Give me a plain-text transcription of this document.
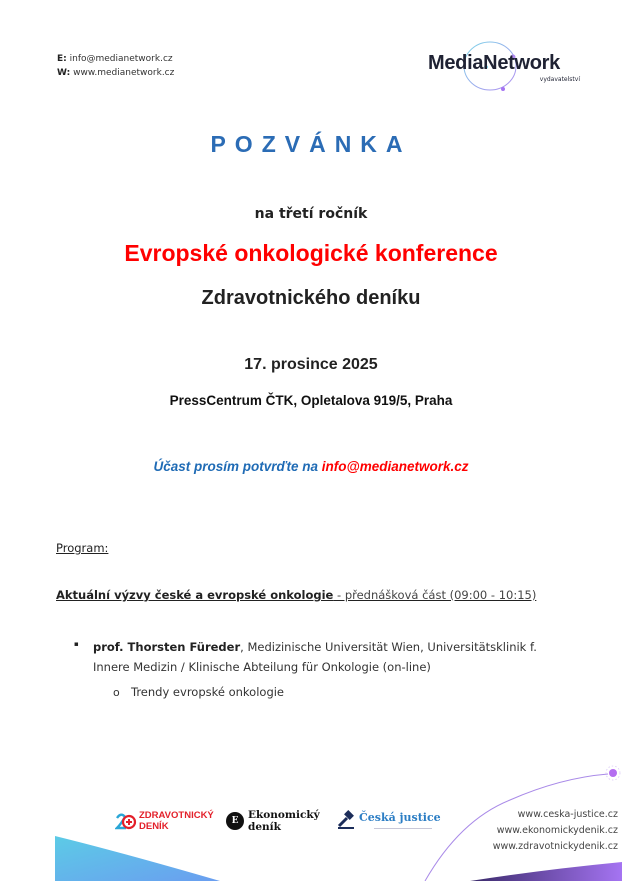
E: info@medianetwork.cz
W: www.medianetwork.cz	MediaNetwork
vydavatelství
POZVÁNKA
na třetí ročník
Evropské onkologické konference
Zdravotnického deníku
17. prosince 2025
PressCentrum ČTK, Opletalova 919/5, Praha
Účast prosím potvrďte na info@medianetwork.cz
Program:
Aktuální výzvy české a evropské onkologie - přednášková část (09:00 - 10:15)
▪ prof. Thorsten Füreder, Medizinische Universität Wien, Universitätsklinik f. Innere Medizin / Klinische Abteilung für Onkologie (on-line)
o Trendy evropské onkologie
ZDRAVOTNICKÝ
DENÍK	E Ekonomický
deník
Česká justice	www.ceska-justice.cz
www.ekonomickydenik.cz
www.zdravotnickydenik.cz
